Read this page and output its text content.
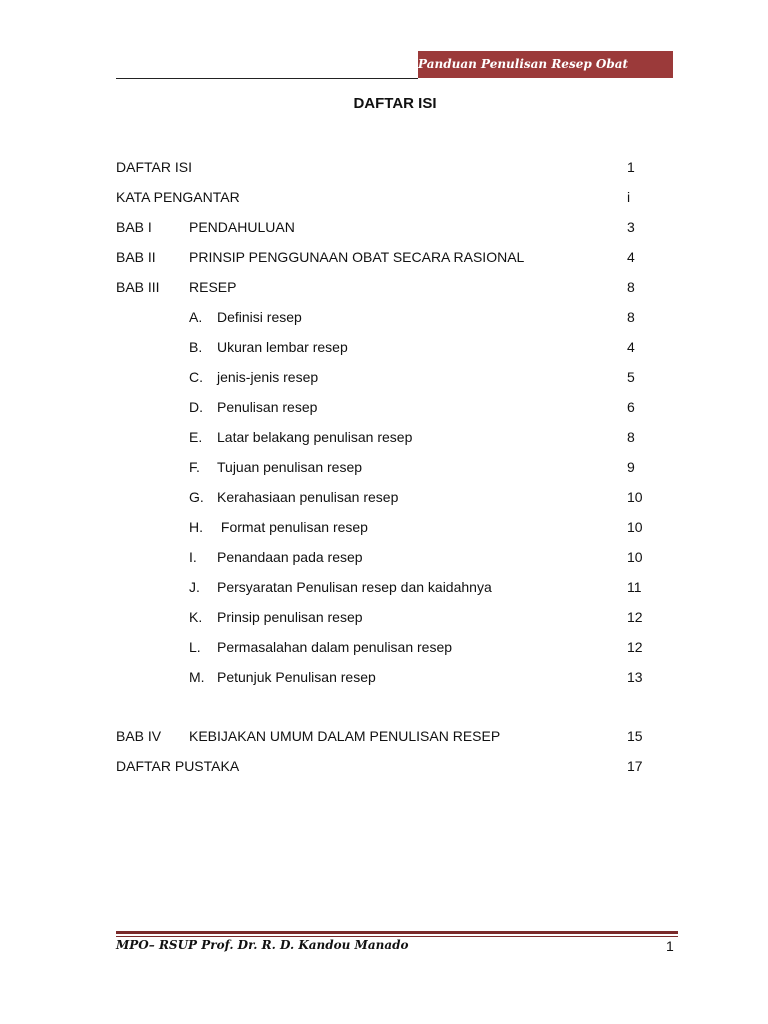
Panduan Penulisan Resep Obat
DAFTAR ISI
DAFTAR ISI	1
KATA PENGANTAR	i
BAB I	PENDAHULUAN	3
BAB II PRINSIP PENGGUNAAN OBAT SECARA RASIONAL	4
BAB III RESEP	8
A. Definisi resep	8
B. Ukuran lembar resep	4
C. jenis-jenis resep	5
D. Penulisan resep	6
E. Latar belakang penulisan resep	8
F. Tujuan penulisan resep	9
G. Kerahasiaan penulisan resep	10
H. Format penulisan resep	10
I. Penandaan pada resep	10
J. Persyaratan Penulisan resep dan kaidahnya	11
K. Prinsip penulisan resep	12
L. Permasalahan dalam penulisan resep	12
M. Petunjuk Penulisan resep	13
BAB IV KEBIJAKAN UMUM DALAM PENULISAN RESEP	15
DAFTAR PUSTAKA	17
MPO– RSUP Prof. Dr. R. D. Kandou Manado	1
